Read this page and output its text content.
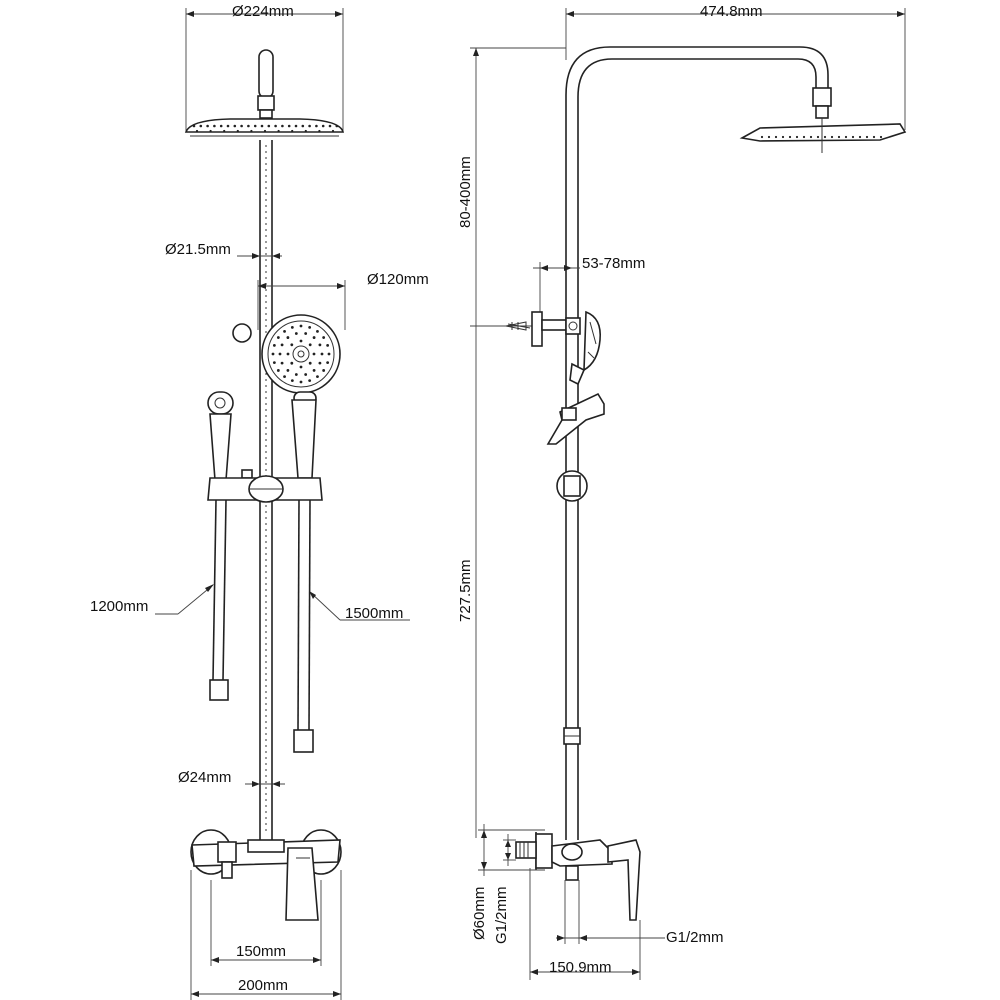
Ø224mm
Ø21.5mm
Ø120mm
1200mm	1500mm
Ø24mm
150mm
200mm
474.8mm
80-400mm
727.5mm
53-78mm
Ø60mm G1/2mm	G1/2mm
150.9mm
